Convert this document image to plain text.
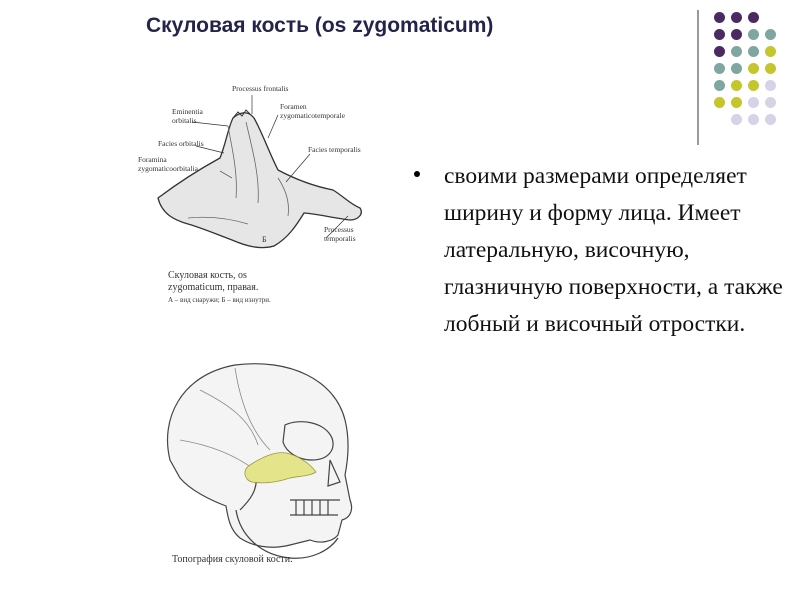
Скуловая кость (os zygomaticum)
Processus frontalis
Eminentia
orbitalis
Foramen
zygomaticotemporale
Facies orbitalis
Foramina
zygomaticoorbitalia
Facies temporalis
Processus
temporalis
Б
Скуловая кость, os
zygomaticum, правая.
А – вид снаружи; Б – вид изнутри.
Топография скуловой кости.
своими размерами определяет ширину и форму лица. Имеет латеральную, височную, глазничную поверхности, а также лобный и височный отростки.
